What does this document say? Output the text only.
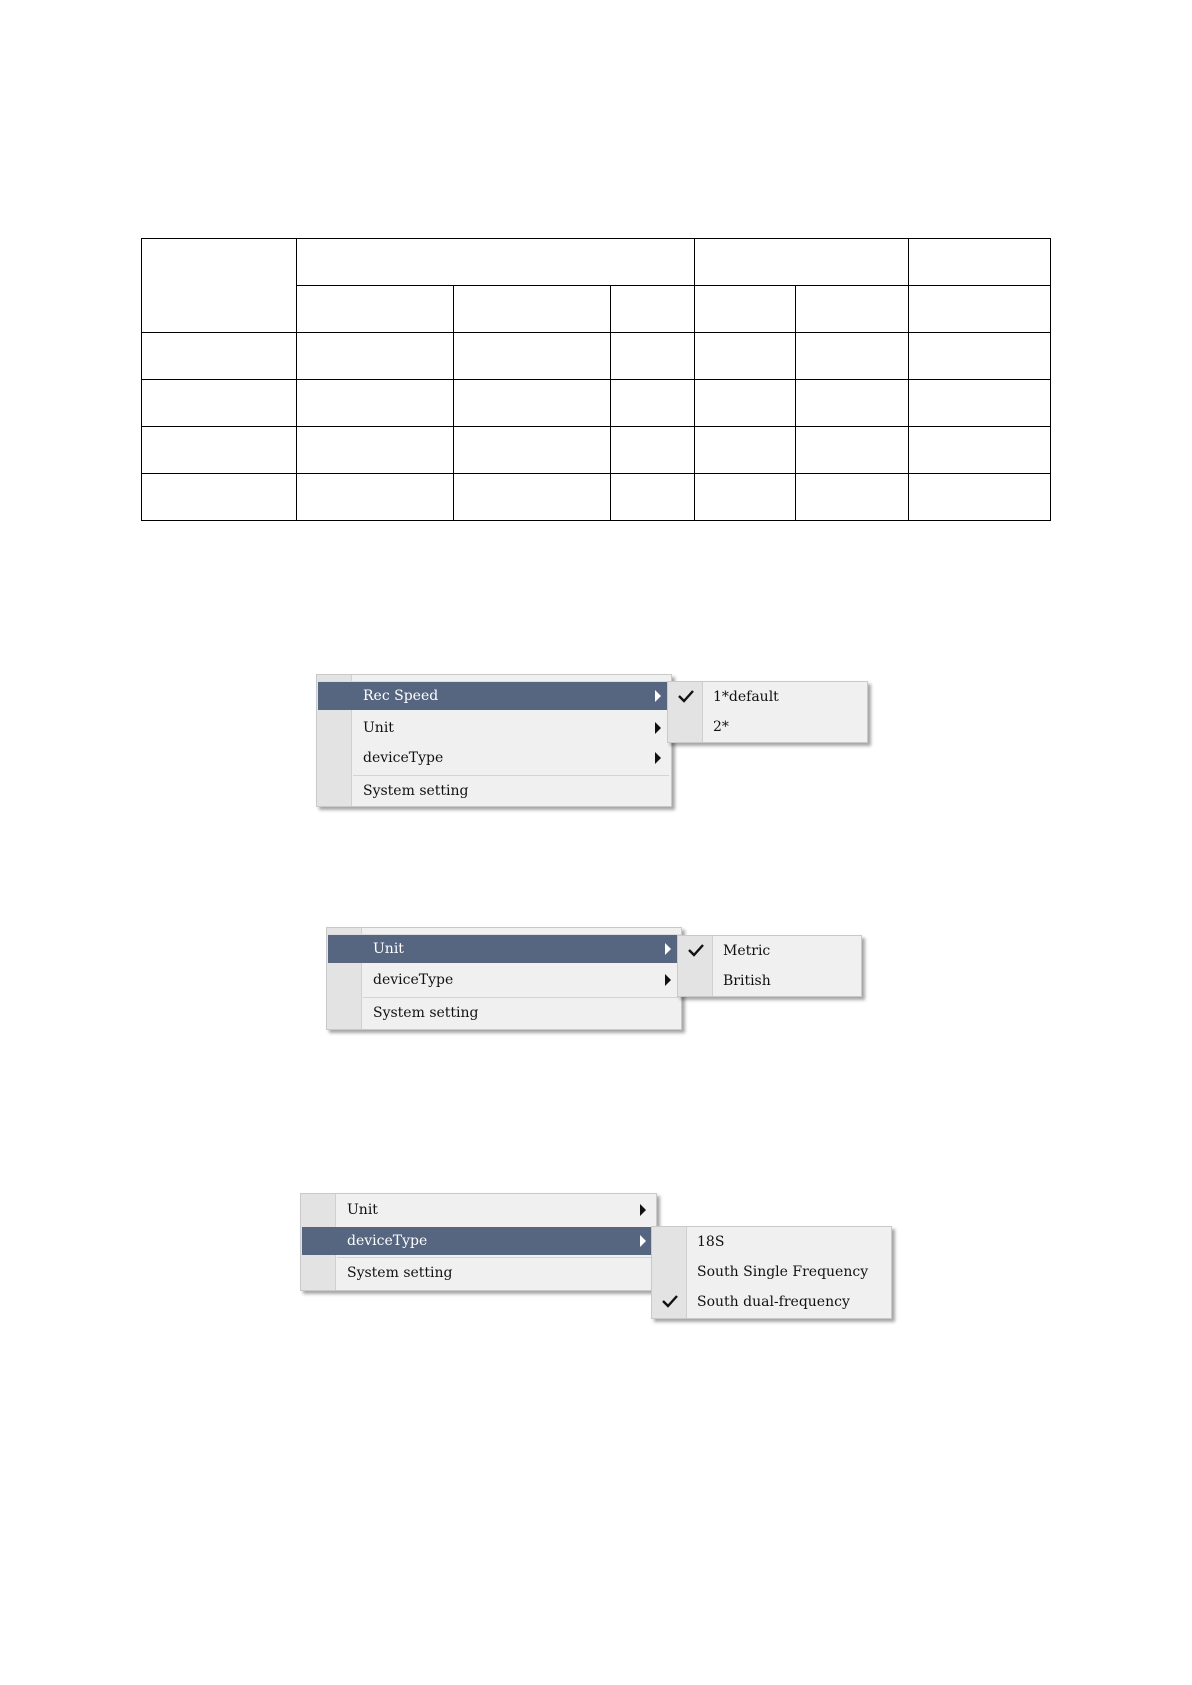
Rec Speed
Unit
deviceType
System setting
1*default
2*
Unit
deviceType
System setting
Metric
British
Unit
deviceType
System setting
18S
South Single Frequency
South dual-frequency
